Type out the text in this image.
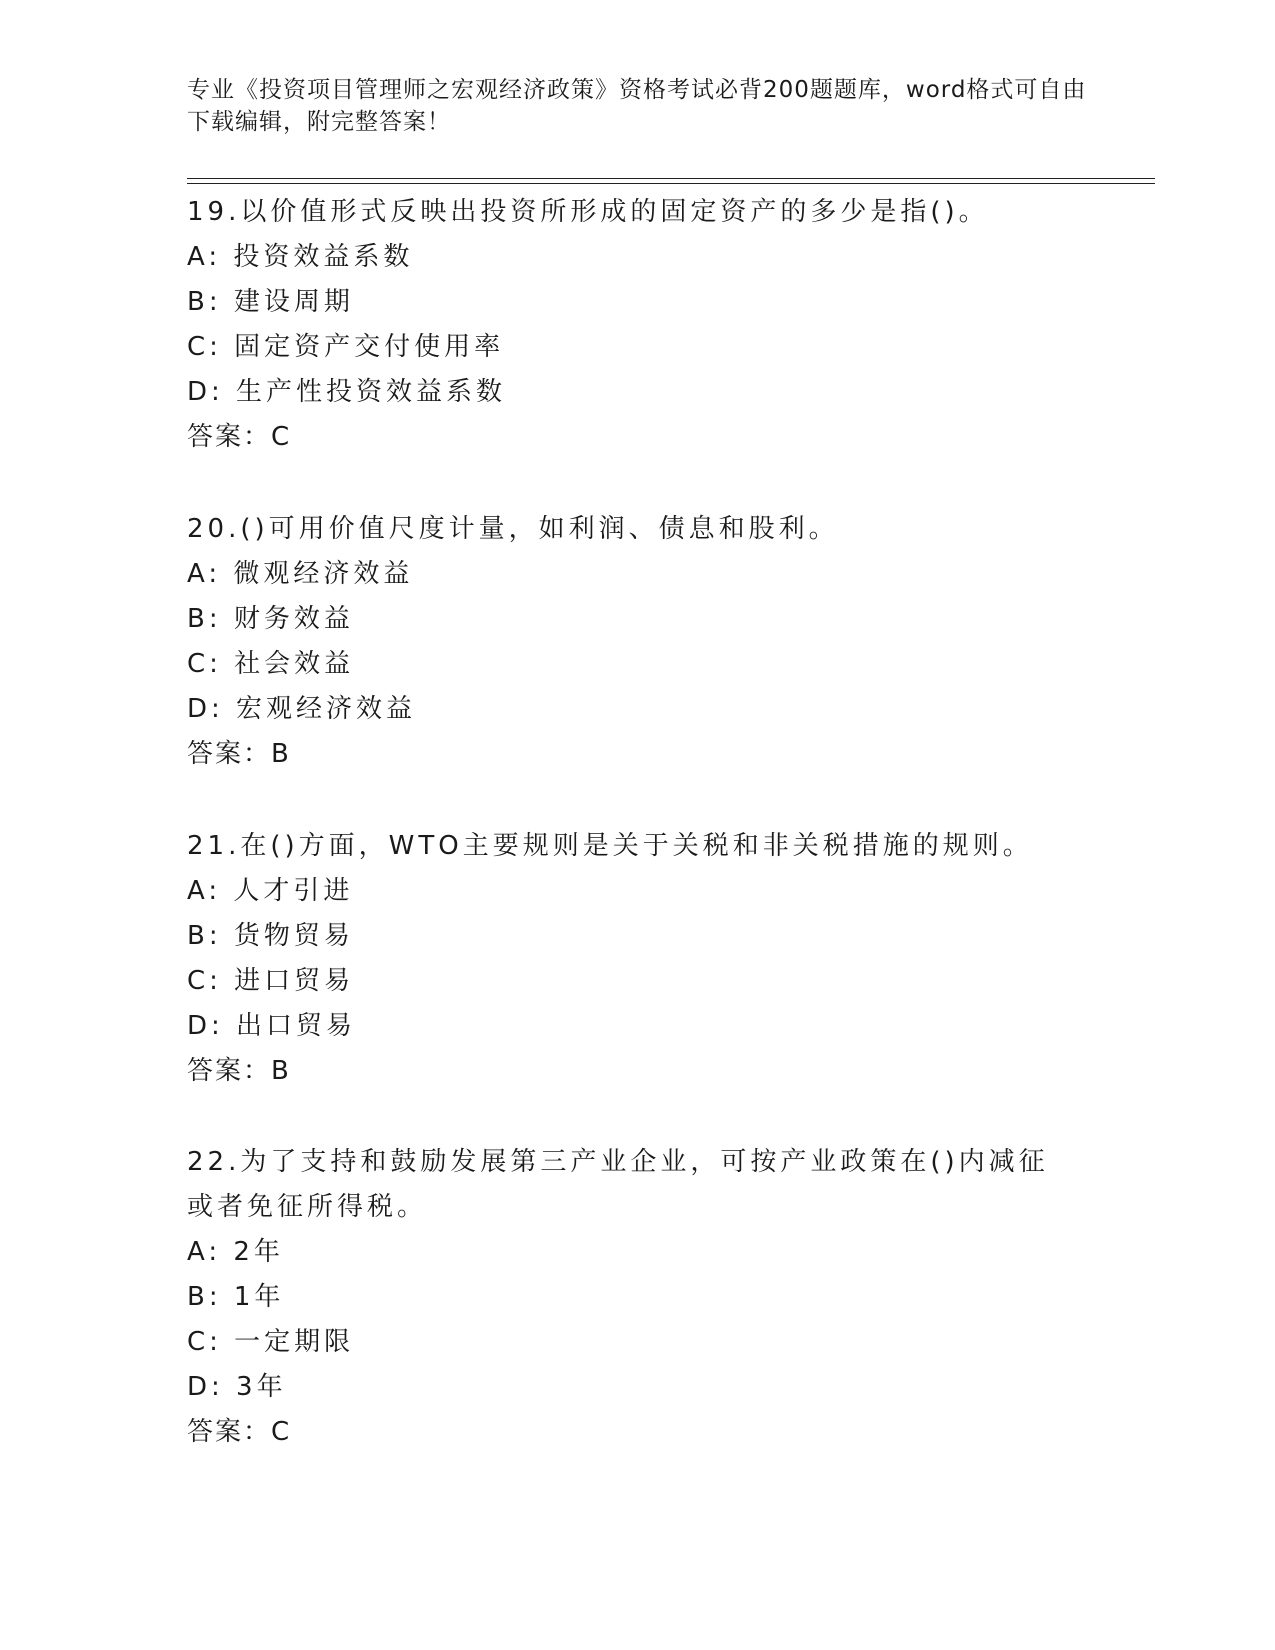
专业《投资项目管理师之宏观经济政策》资格考试必背200题题库，word格式可自由下载编辑，附完整答案！

19.以价值形式反映出投资所形成的固定资产的多少是指()。

A: 投资效益系数

B: 建设周期

C: 固定资产交付使用率

D: 生产性投资效益系数

答案：C

20.()可用价值尺度计量，如利润、债息和股利。

A: 微观经济效益

B: 财务效益

C: 社会效益

D: 宏观经济效益

答案：B

21.在()方面，WTO主要规则是关于关税和非关税措施的规则。

A: 人才引进

B: 货物贸易

C: 进口贸易

D: 出口贸易

答案：B

22.为了支持和鼓励发展第三产业企业，可按产业政策在()内减征或者免征所得税。

A: 2年

B: 1年

C: 一定期限

D: 3年

答案：C
